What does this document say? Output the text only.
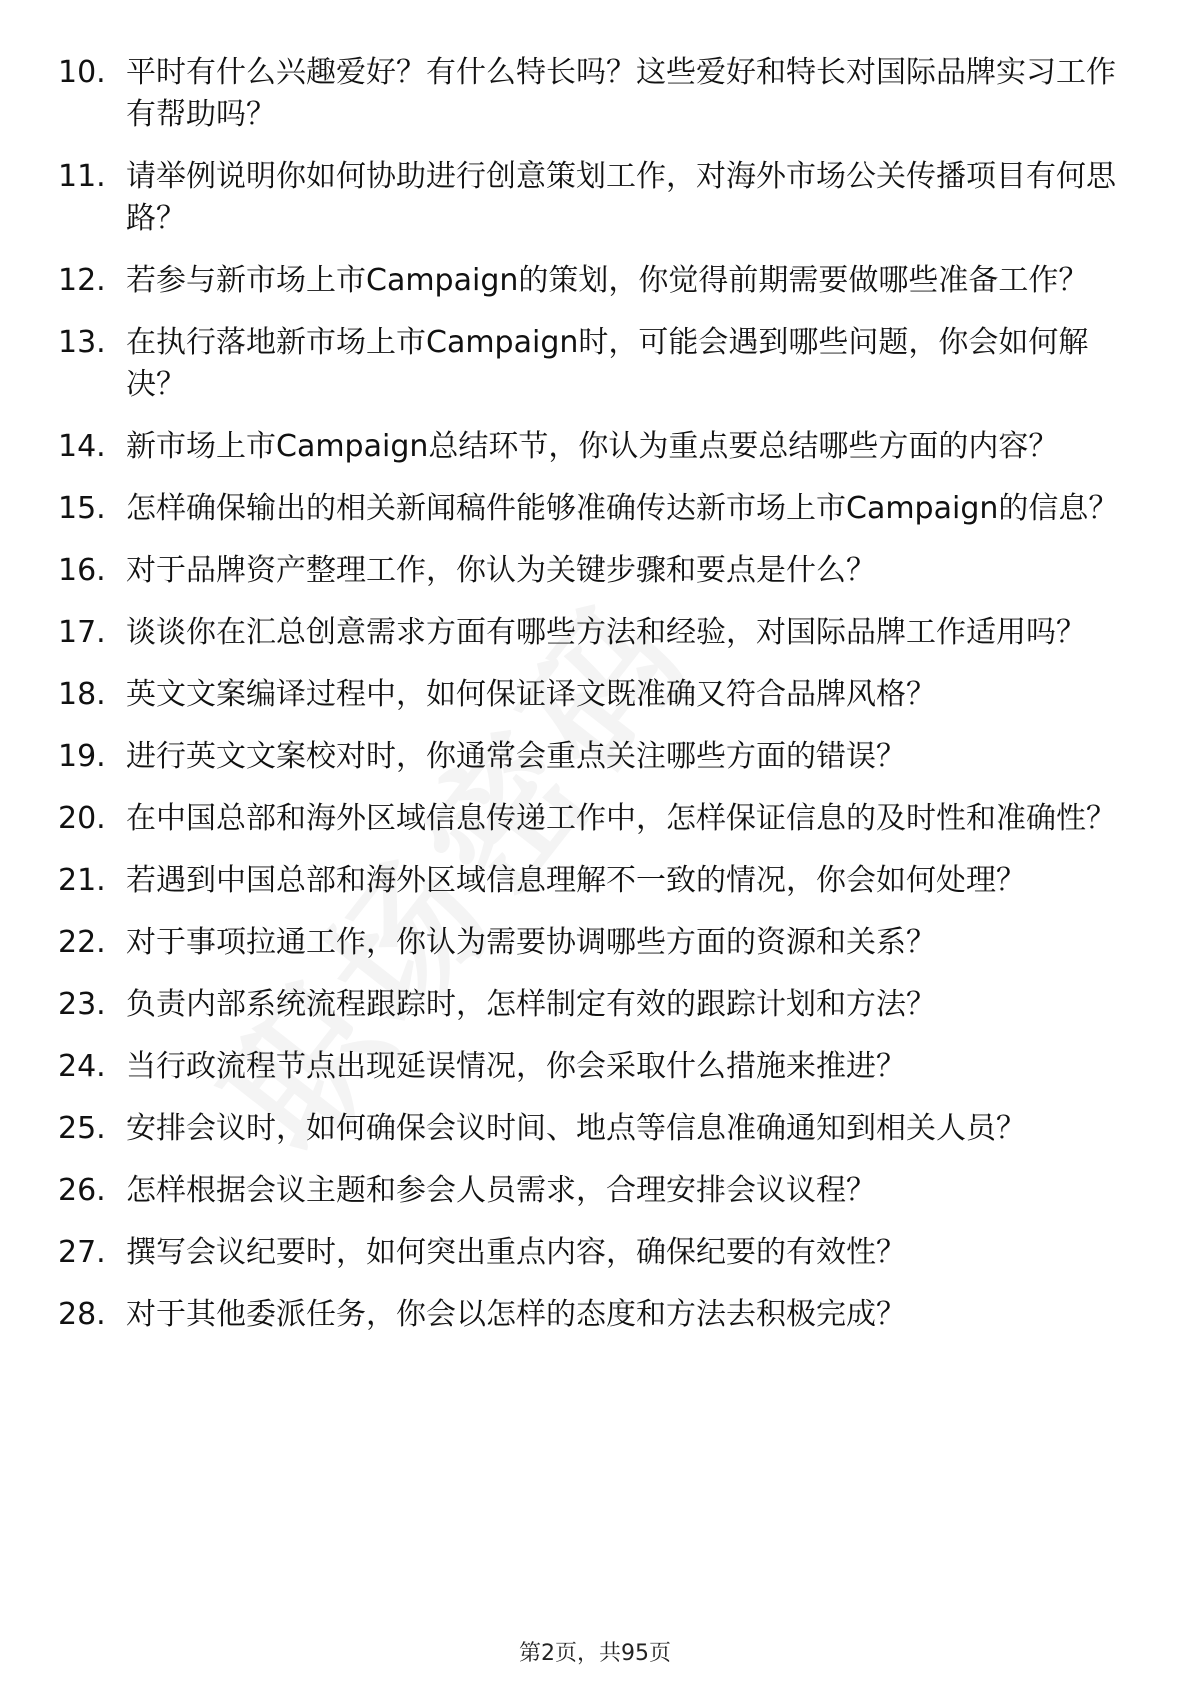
10. 平时有什么兴趣爱好？有什么特长吗？这些爱好和特长对国际品牌实习工作有帮助吗？
11. 请举例说明你如何协助进行创意策划工作，对海外市场公关传播项目有何思路？
12. 若参与新市场上市Campaign的策划，你觉得前期需要做哪些准备工作？
13. 在执行落地新市场上市Campaign时，可能会遇到哪些问题，你会如何解决？
14. 新市场上市Campaign总结环节，你认为重点要总结哪些方面的内容？
15. 怎样确保输出的相关新闻稿件能够准确传达新市场上市Campaign的信息？
16. 对于品牌资产整理工作，你认为关键步骤和要点是什么？
17. 谈谈你在汇总创意需求方面有哪些方法和经验，对国际品牌工作适用吗？
18. 英文文案编译过程中，如何保证译文既准确又符合品牌风格？
19. 进行英文文案校对时，你通常会重点关注哪些方面的错误？
20. 在中国总部和海外区域信息传递工作中，怎样保证信息的及时性和准确性？
21. 若遇到中国总部和海外区域信息理解不一致的情况，你会如何处理？
22. 对于事项拉通工作，你认为需要协调哪些方面的资源和关系？
23. 负责内部系统流程跟踪时，怎样制定有效的跟踪计划和方法？
24. 当行政流程节点出现延误情况，你会采取什么措施来推进？
25. 安排会议时，如何确保会议时间、地点等信息准确通知到相关人员？
26. 怎样根据会议主题和参会人员需求，合理安排会议议程？
27. 撰写会议纪要时，如何突出重点内容，确保纪要的有效性？
28. 对于其他委派任务，你会以怎样的态度和方法去积极完成？
第2页，共95页
